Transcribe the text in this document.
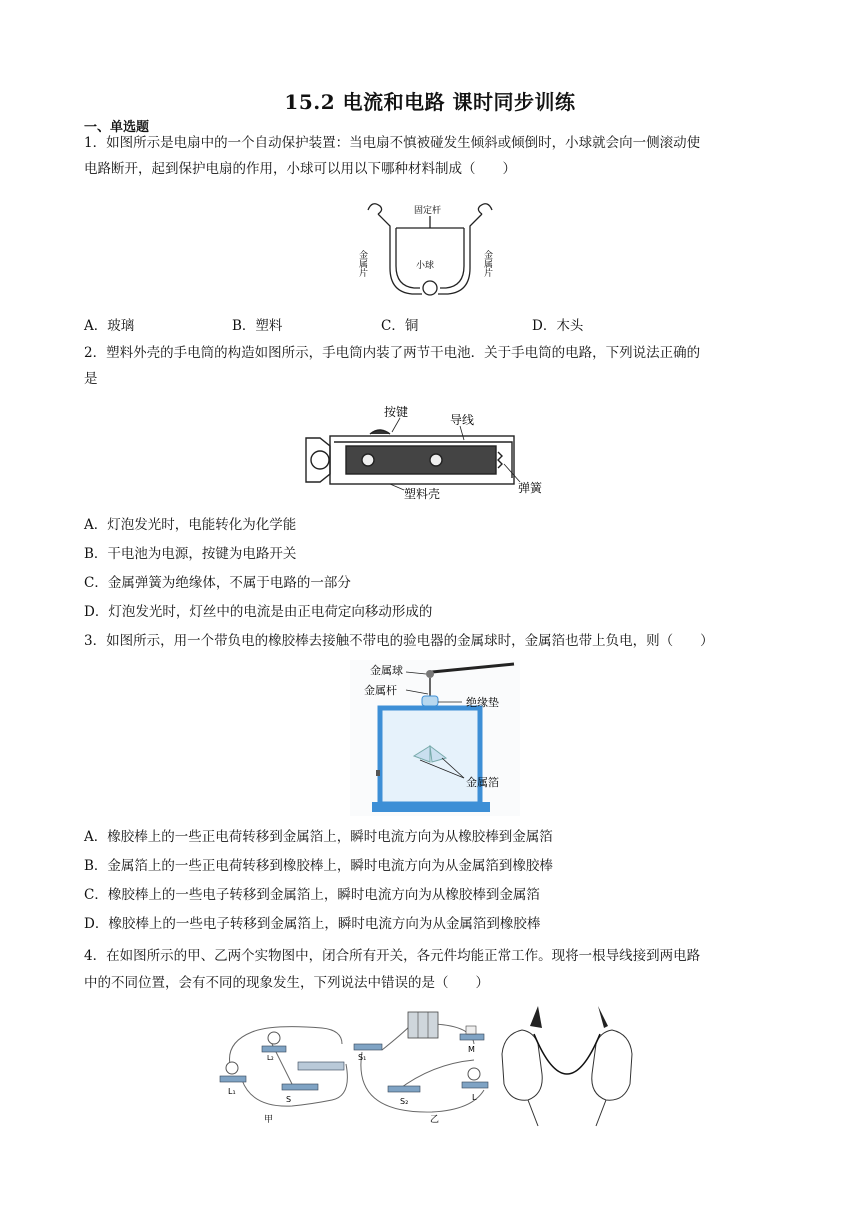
15.2 电流和电路 课时同步训练
一、单选题
1．如图所示是电扇中的一个自动保护装置：当电扇不慎被碰发生倾斜或倾倒时，小球就会向一侧滚动使
电路断开，起到保护电扇的作用，小球可以用以下哪种材料制成（　　）
固定杆
小球
金属片	金属片
A．玻璃	B．塑料	C．铜	D．木头
2．塑料外壳的手电筒的构造如图所示，手电筒内装了两节干电池．关于手电筒的电路，下列说法正确的
是
按键
导线
弹簧
塑料壳
A．灯泡发光时，电能转化为化学能
B．干电池为电源，按键为电路开关
C．金属弹簧为绝缘体，不属于电路的一部分
D．灯泡发光时，灯丝中的电流是由正电荷定向移动形成的
3．如图所示，用一个带负电的橡胶棒去接触不带电的验电器的金属球时，金属箔也带上负电，则（　　）
金属球
金属杆
绝缘垫
金属箔
A．橡胶棒上的一些正电荷转移到金属箔上，瞬时电流方向为从橡胶棒到金属箔
B．金属箔上的一些正电荷转移到橡胶棒上，瞬时电流方向为从金属箔到橡胶棒
C．橡胶棒上的一些电子转移到金属箔上，瞬时电流方向为从橡胶棒到金属箔
D．橡胶棒上的一些电子转移到金属箔上，瞬时电流方向为从金属箔到橡胶棒
4．在如图所示的甲、乙两个实物图中，闭合所有开关，各元件均能正常工作。现将一根导线接到两电路
中的不同位置，会有不同的现象发生，下列说法中错误的是（　　）
L₂
L₁
S
甲
S₁
M
S₂	L
乙
